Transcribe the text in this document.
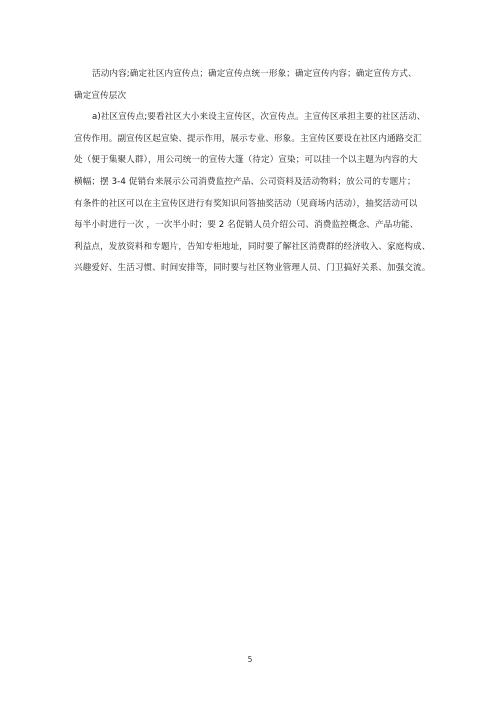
活动内容;确定社区内宣传点；确定宣传点统一形象；确定宣传内容；确定宣传方式、

确定宣传层次

a)社区宣传点;要看社区大小来设主宣传区，次宣传点。主宣传区承担主要的社区活动、

宣传作用。副宣传区起宣染、提示作用，展示专业、形象。主宣传区要设在社区内通路交汇

处（便于集聚人群），用公司统一的宣传大篷（待定）宣染；可以挂一个以主题为内容的大

横幅；摆 3-4 促销台来展示公司消费监控产品、公司资料及活动物料；放公司的专题片；

有条件的社区可以在主宣传区进行有奖知识问答抽奖活动（见商场内活动），抽奖活动可以

每半小时进行一次 ，一次半小时；要 2 名促销人员介绍公司、消费监控概念、产品功能、

利益点，发放资料和专题片，告知专柜地址，同时要了解社区消费群的经济收入、家庭构成、

兴趣爱好、生活习惯、时间安排等，同时要与社区物业管理人员、门卫搞好关系、加强交流。

5
